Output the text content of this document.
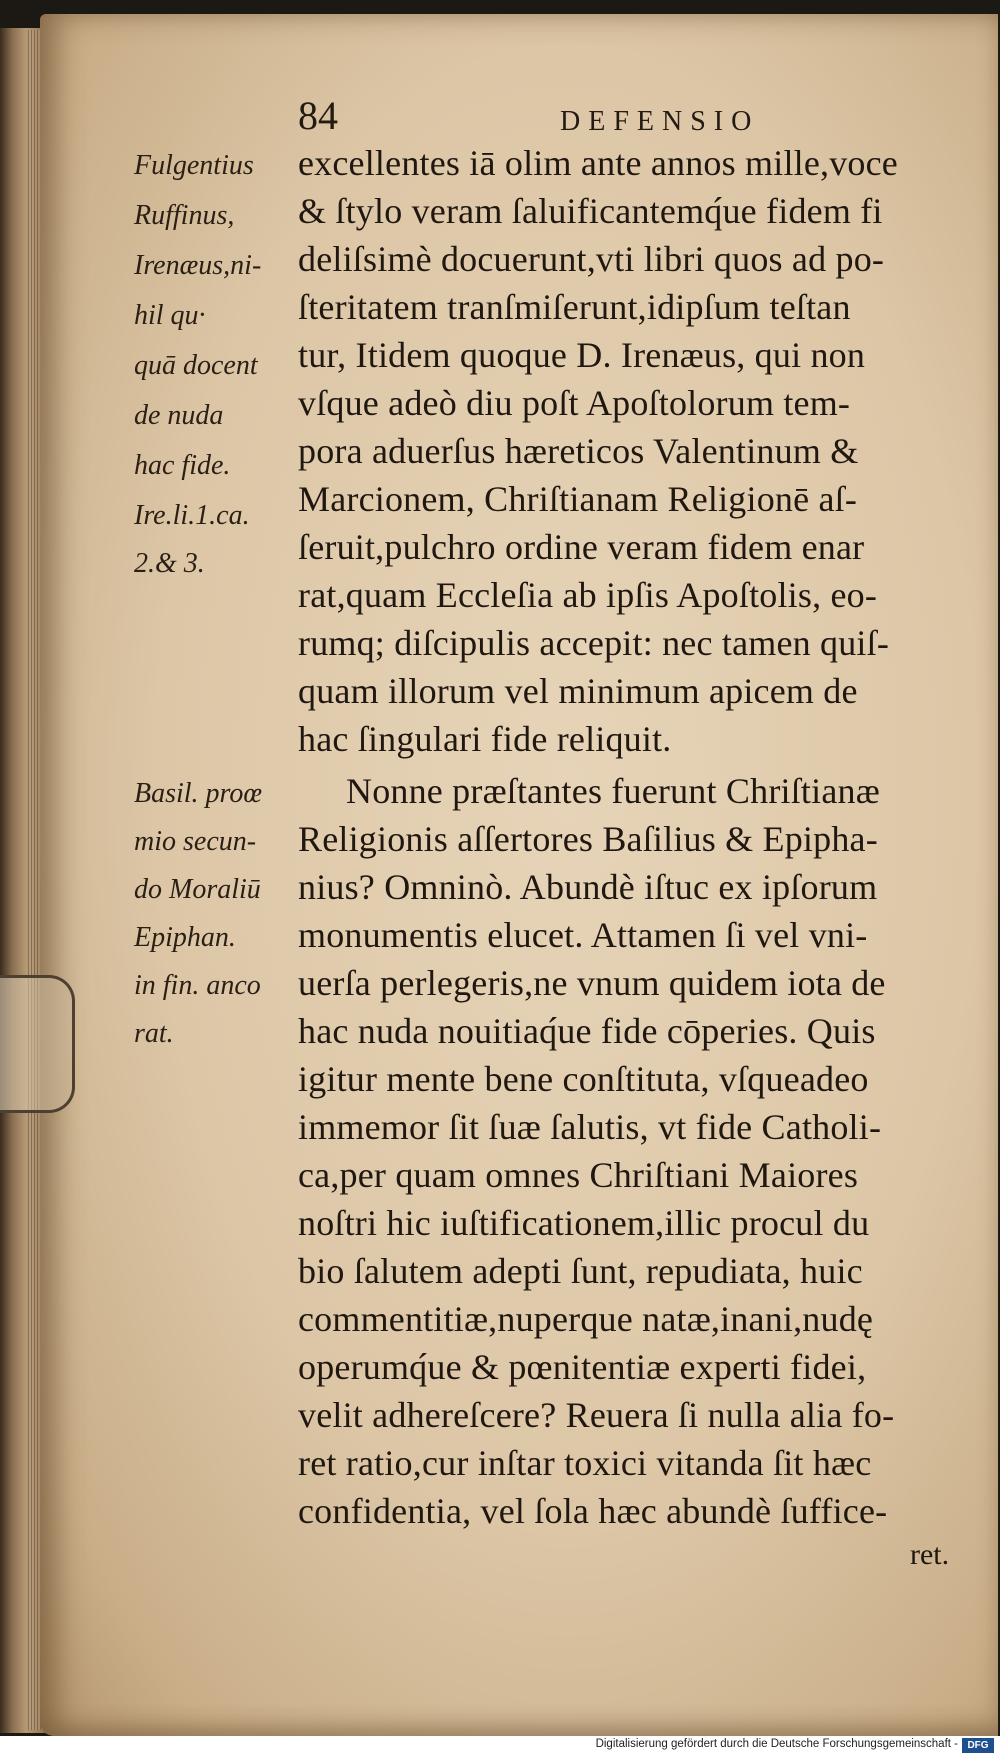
84	DEFENSIO
Fulgentius
Ruffinus,
Irenæus,ni-
hil qu·
quā docent
de nuda
hac fide.
Ire.li.1.ca.
2.& 3.
Basil. proœ
mio secun-
do Moraliū
Epiphan.
in fin. anco
rat.
excellentes iā olim ante annos mille,voce
& ſtylo veram ſaluificantemq́ue fidem fi
deliſsimè docuerunt,vti libri quos ad po-
ſteritatem tranſmiſerunt,idipſum teſtan
tur, Itidem quoque D. Irenæus, qui non
vſque adeò diu poſt Apoſtolorum tem-
pora aduerſus hæreticos Valentinum &
Marcionem, Chriſtianam Religionē aſ-
ſeruit,pulchro ordine veram fidem enar
rat,quam Eccleſia ab ipſis Apoſtolis, eo-
rumq; diſcipulis accepit: nec tamen quiſ-
quam illorum vel minimum apicem de
hac ſingulari fide reliquit.
Nonne præſtantes fuerunt Chriſtianæ
Religionis aſſertores Baſilius & Epipha-
nius? Omninò. Abundè iſtuc ex ipſorum
monumentis elucet. Attamen ſi vel vni-
uerſa perlegeris,ne vnum quidem iota de
hac nuda nouitiaq́ue fide cōperies. Quis
igitur mente bene conſtituta, vſqueadeo
immemor ſit ſuæ ſalutis, vt fide Catholi-
ca,per quam omnes Chriſtiani Maiores
noſtri hic iuſtificationem,illic procul du
bio ſalutem adepti ſunt, repudiata, huic
commentitiæ,nuperque natæ,inani,nudę
operumq́ue & pœnitentiæ experti fidei,
velit adhereſcere? Reuera ſi nulla alia fo-
ret ratio,cur inſtar toxici vitanda ſit hæc
confidentia, vel ſola hæc abundè ſuffice-
ret.
Digitalisierung gefördert durch die Deutsche Forschungsgemeinschaft - DFG
